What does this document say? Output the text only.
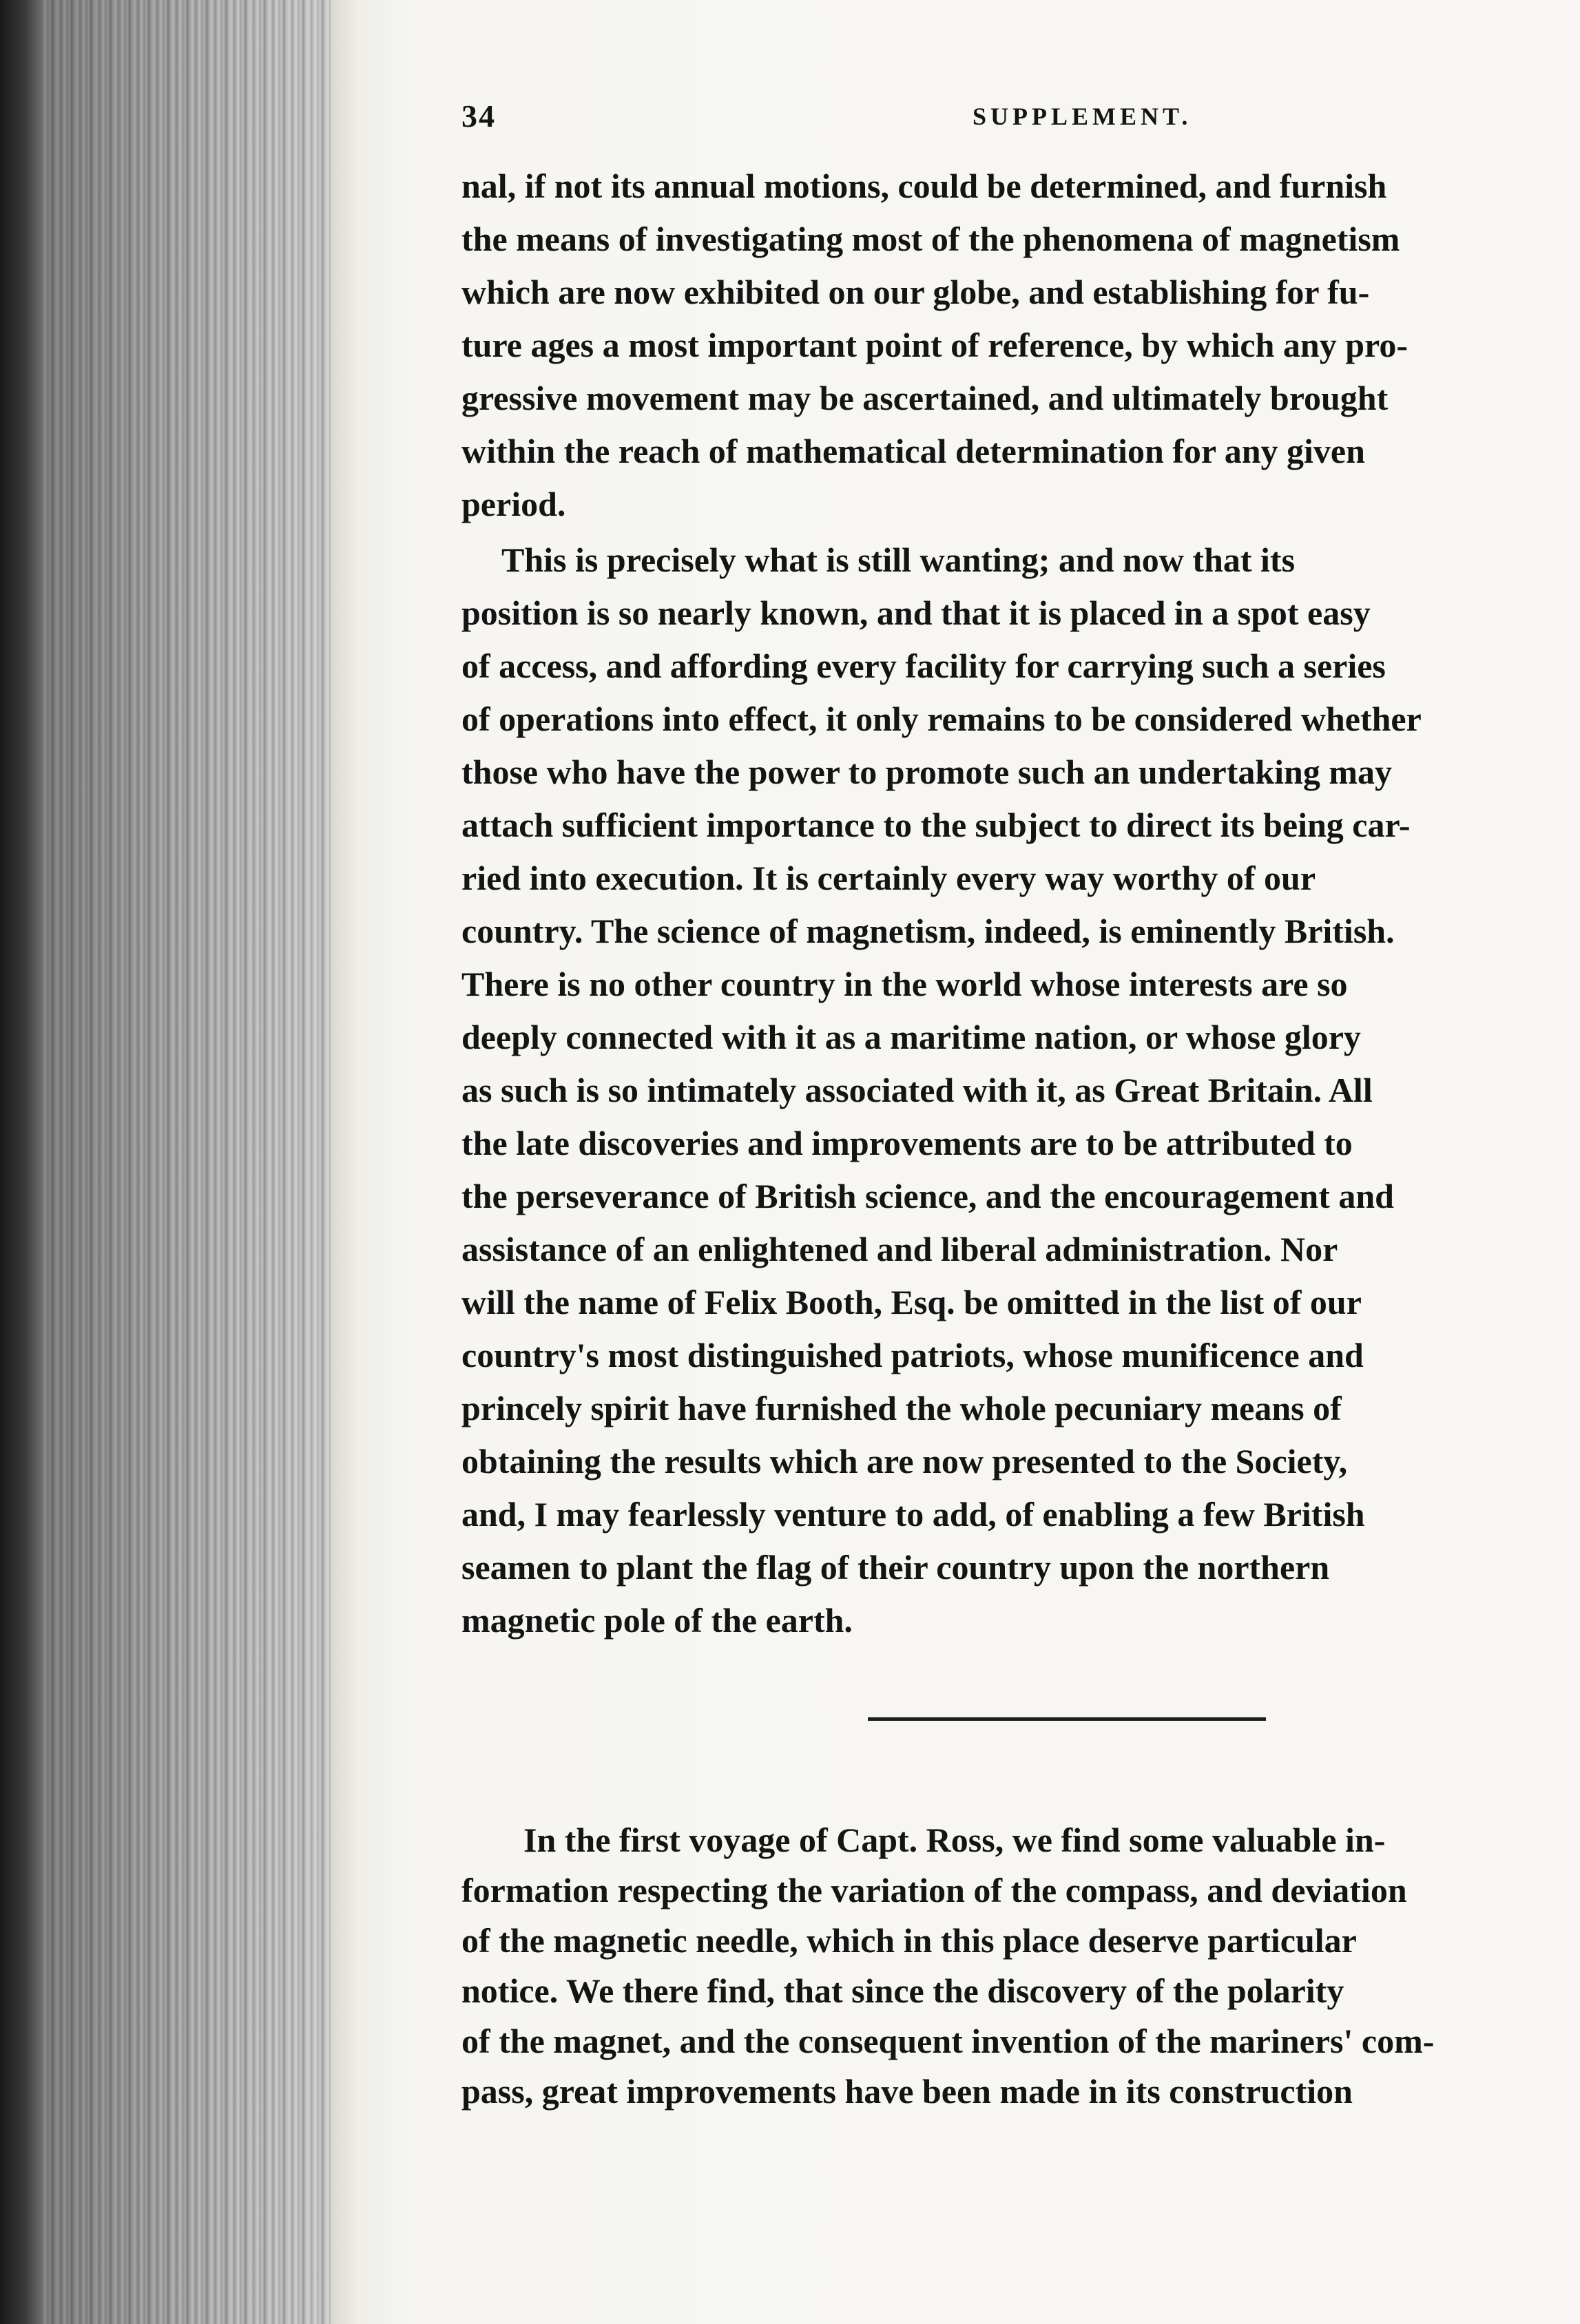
34	SUPPLEMENT.
nal, if not its annual motions, could be determined, and furnish
the means of investigating most of the phenomena of magnetism
which are now exhibited on our globe, and establishing for fu-
ture ages a most important point of reference, by which any pro-
gressive movement may be ascertained, and ultimately brought
within the reach of mathematical determination for any given
period.
This is precisely what is still wanting; and now that its
position is so nearly known, and that it is placed in a spot easy
of access, and affording every facility for carrying such a series
of operations into effect, it only remains to be considered whether
those who have the power to promote such an undertaking may
attach sufficient importance to the subject to direct its being car-
ried into execution. It is certainly every way worthy of our
country. The science of magnetism, indeed, is eminently British.
There is no other country in the world whose interests are so
deeply connected with it as a maritime nation, or whose glory
as such is so intimately associated with it, as Great Britain. All
the late discoveries and improvements are to be attributed to
the perseverance of British science, and the encouragement and
assistance of an enlightened and liberal administration. Nor
will the name of Felix Booth, Esq. be omitted in the list of our
country's most distinguished patriots, whose munificence and
princely spirit have furnished the whole pecuniary means of
obtaining the results which are now presented to the Society,
and, I may fearlessly venture to add, of enabling a few British
seamen to plant the flag of their country upon the northern
magnetic pole of the earth.
In the first voyage of Capt. Ross, we find some valuable in-
formation respecting the variation of the compass, and deviation
of the magnetic needle, which in this place deserve particular
notice. We there find, that since the discovery of the polarity
of the magnet, and the consequent invention of the mariners' com-
pass, great improvements have been made in its construction
